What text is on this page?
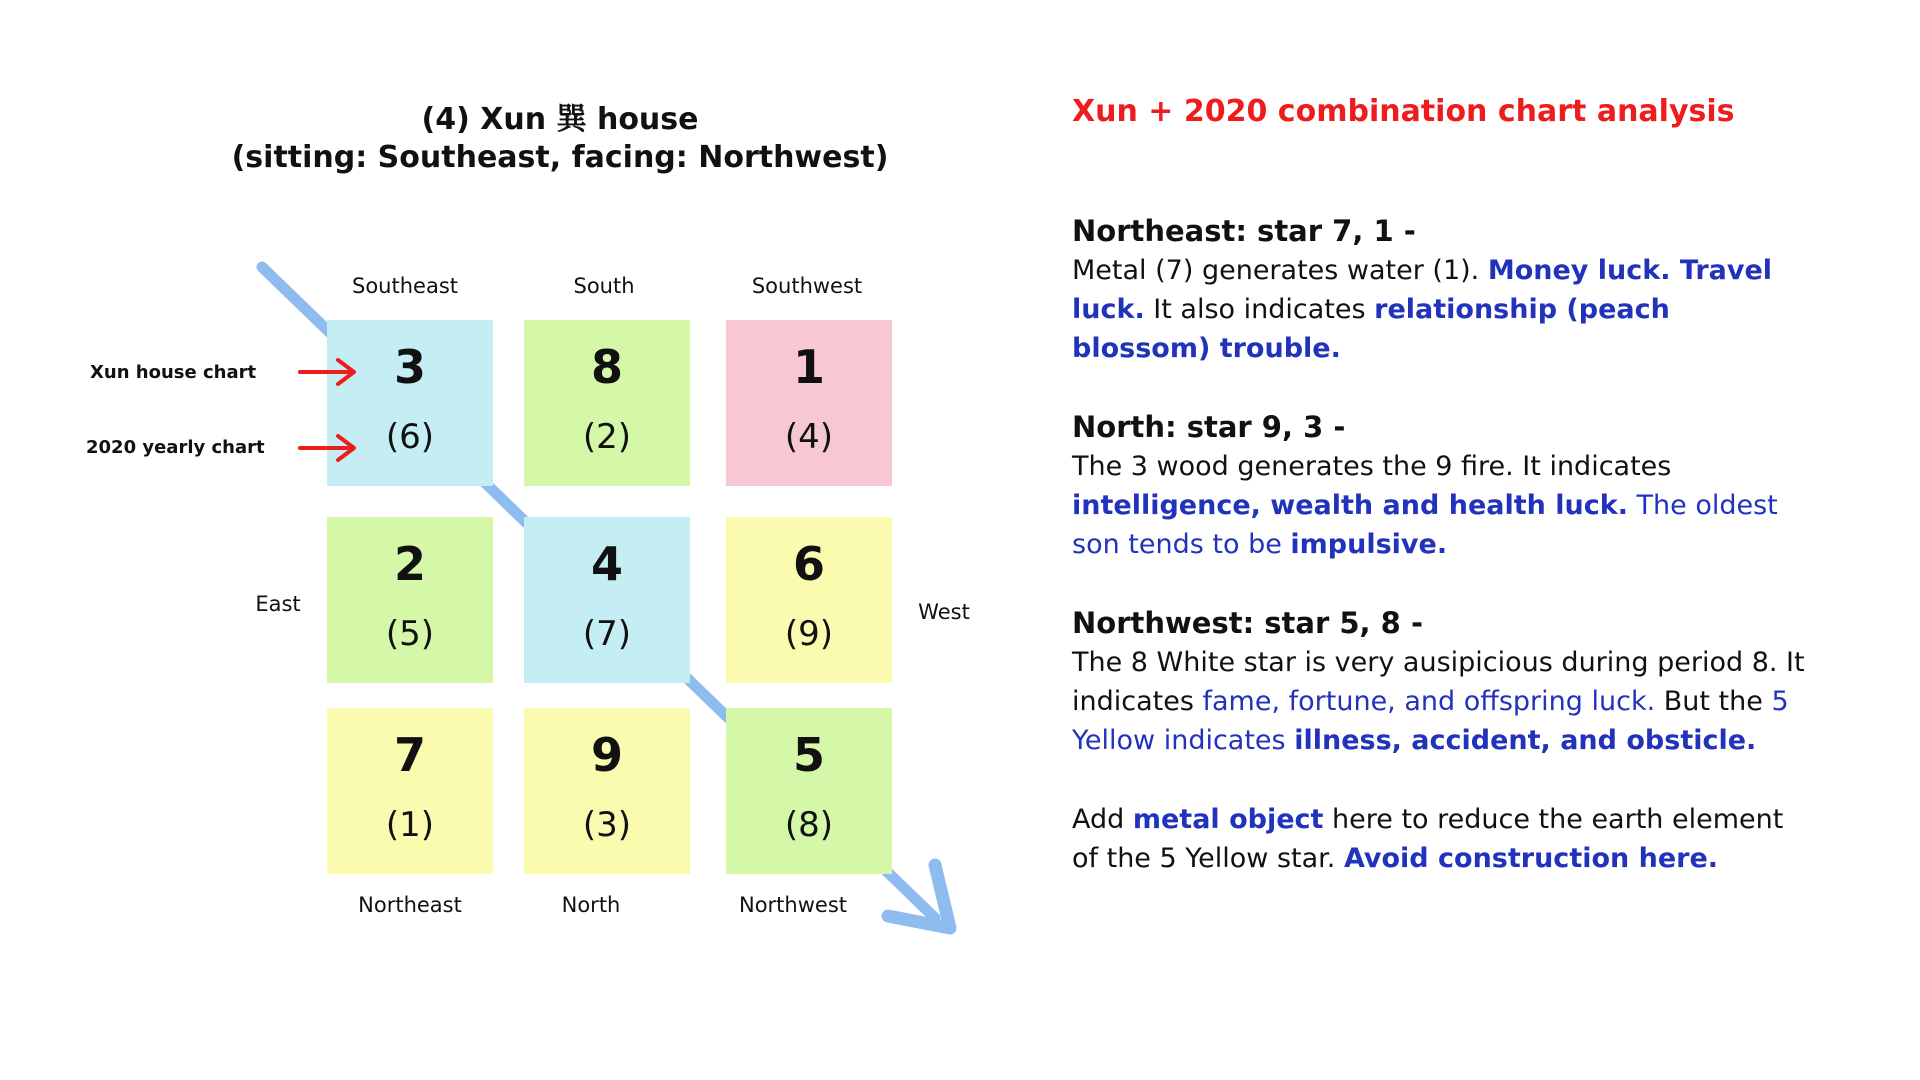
(4) Xun 巽 house
(sitting: Southeast, facing: Northwest)
Xun + 2020 combination chart analysis
Southeast	South	Southwest
East	West
Northeast	North	Northwest
Xun house chart
2020 yearly chart
3
(6)
8
(2)
1
(4)
2
(5)
4
(7)
6
(9)
7
(1)
9
(3)
5
(8)
Northeast: star 7, 1 -
Metal (7) generates water (1). Money luck. Travel luck. It also indicates relationship (peach blossom) trouble.
North: star 9, 3 -
The 3 wood generates the 9 fire. It indicates intelligence, wealth and health luck. The oldest son tends to be impulsive.
Northwest: star 5, 8 -
The 8 White star is very ausipicious during period 8. It indicates fame, fortune, and offspring luck. But the 5 Yellow indicates illness, accident, and obsticle.
Add metal object here to reduce the earth element of the 5 Yellow star. Avoid construction here.
